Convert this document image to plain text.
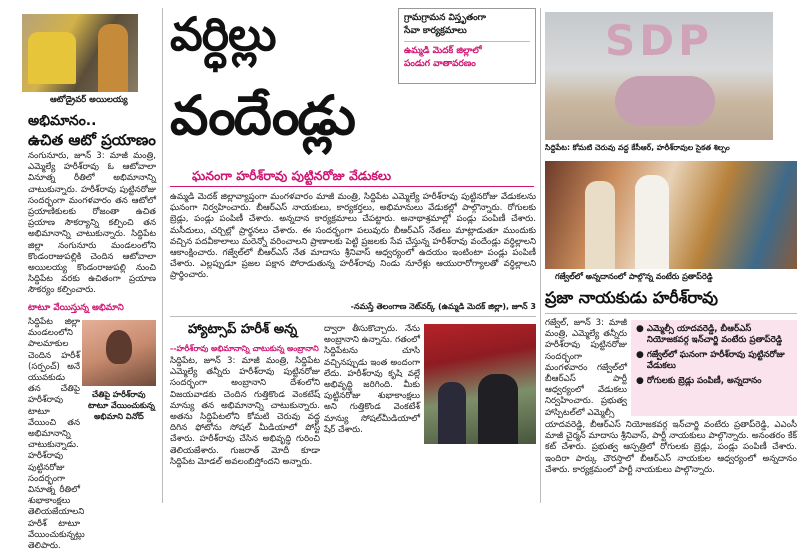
ఆటోడ్రైవర్ అయిలయ్య
అభిమానం..
ఉచిత ఆటో ప్రయాణం
నంగునూరు, జూన్ 3: మాజీ మంత్రి, ఎమ్మెల్యే హరీశ్‌రావు ఓ ఆటోవాలా వినూత్న రీతిలో అభిమానాన్ని చాటుకున్నారు. హరీశ్‌రావు పుట్టినరోజు సందర్భంగా మంగళవారం తన ఆటోలో ప్రయాణికులకు రోజంతా ఉచిత ప్రయాణ సౌకర్యాన్ని కల్పించి తన అభిమానాన్ని చాటుకున్నారు. సిద్దిపేట జిల్లా నంగునూరు మండలంలోని కొండంరాజుపల్లికి చెందిన ఆటోవాలా అయిలయ్య కొండంరాజుపల్లి నుంచి సిద్దిపేట వరకు ఉచితంగా ప్రయాణ సౌకర్యం కల్పించారు.
టాటూ వేయిస్తున్న అభిమాని
సిద్దిపేట జిల్లా మండలంలోని పాలమాకుల చెందిన హరీశ్ (సర్పంచ్) అనే యువకుడు తన చేతిపై హరీశ్‌రావు టాటూ వేయించి తన అభిమానాన్ని చాటుకున్నాడు. హరీశ్‌రావు పుట్టినరోజు సందర్భంగా వినూత్న రీతిలో శుభాకాంక్షలు తెలియజేయాలని హరీశ్ టాటూ వేయించుకున్నట్లు తెలిపారు.
చేతిపై హరీశ్‌రావు
టాటూ వేయించుకున్న
అభిమాని వినోద్
వర్ధిల్లు
వందేండ్లు
గ్రామగ్రామన విస్తృతంగా
సేవా కార్యక్రమాలు
ఉమ్మడి మెదక్ జిల్లాలో
పండుగ వాతావరణం
ఘనంగా హరీశ్‌రావు పుట్టినరోజు వేడుకలు
ఉమ్మడి మెదక్ జిల్లావ్యాప్తంగా మంగళవారం మాజీ మంత్రి, సిద్దిపేట ఎమ్మెల్యే హరీశ్‌రావు పుట్టినరోజు వేడుకలను ఘనంగా నిర్వహించారు. బీఆర్ఎస్ నాయకులు, కార్యకర్తలు, అభిమానులు వేడుకల్లో పాల్గొన్నారు. రోగులకు బ్రెడ్లు, పండ్లు పంపిణీ చేశారు. అన్నదాన కార్యక్రమాలు చేపట్టారు. అనాథాశ్రమాల్లో పండ్లు పంపిణీ చేశారు. మసీదులు, చర్చిల్లో ప్రార్థనలు చేశారు. ఈ సందర్భంగా పలువురు బీఆర్ఎస్ నేతలు మాట్లాడుతూ ముందుకు వచ్చిన పదవీకాలాలు మరెన్నో వరించాలని ప్రాణాలకు పెట్టి ప్రజలకు సేవ చేస్తున్న హరీశ్‌రావు వందేండ్లు వర్ధిల్లాలని ఆకాంక్షించారు. గజ్వేల్‌లో బీఆర్ఎస్ నేత మాదాసు శ్రీనివాస్ ఆధ్వర్యంలో ఉదయం ఇంటింటా పండ్లు పంపిణీ చేశారు. ఎల్లప్పుడూ ప్రజల పక్షాన పోరాడుతున్న హరీశ్‌రావు నిండు నూరేళ్లు ఆయురారోగ్యాలతో వర్ధిల్లాలని ప్రార్థించారు.
-నమస్తే తెలంగాణ నెట్‌వర్క్ (ఉమ్మడి మెదక్ జిల్లా), జూన్ 3
హ్యాట్సాప్ హరీశ్ అన్న
--హరీశ్‌రావు అభిమానాన్ని చాటుకున్న అంబ్రానాని
సిద్దిపేట, జూన్ 3: మాజీ మంత్రి, సిద్దిపేట ఎమ్మెల్యే తన్నీరు హరీశ్‌రావు పుట్టినరోజు సందర్భంగా అంబ్రానాని దేశంలోని విజయవాడకు చెందిన గుత్తికొండ వెంకటేష్ మాన్యు తన అభిమానాన్ని చాటుకున్నారు. అతను సిద్దిపేటలోని కోమటి చెరువు వద్ద దిగిన ఫోటోను సోషల్ మీడియాలో పోస్ట్ చేశారు. హరీశ్‌రావు చేసిన అభివృద్ధి గురించి తెలియజేశారు. గుజరాత్ మోదీ కూడా సిద్దిపేట మోడల్ అవలంబిస్తోందని అన్నారు.
ద్వారా తీసుకొచ్చారు. నేను అంబ్రానాని ఉన్నాను. గతంలో సిద్దిపేటను చూసి వచ్చినప్పుడు ఇంత అందంగా లేదు. హరీశ్‌రావు కృషి వల్లే అభివృద్ధి జరిగింది. మీకు పుట్టినరోజు శుభాకాంక్షలు అని గుత్తికొండ వెంకటేశ్ మాన్యు సోషల్‌మీడియాలో షేర్ చేశారు.
SDP
సిద్దిపేట: కోమటి చెరువు వద్ద కేసీఆర్, హరీశ్‌రావుల సైకత శిల్పం
గజ్వేల్‌లో అన్నదానంలో పాల్గొన్న వంటేరు ప్రతాప్‌రెడ్డి
ప్రజా నాయకుడు హరీశ్‌రావు
గజ్వేల్, జూన్ 3: మాజీ మంత్రి, ఎమ్మెల్యే తన్నీరు హరీశ్‌రావు పుట్టినరోజు సందర్భంగా మంగళవారం గజ్వేల్‌లో బీఆర్ఎస్ పార్టీ ఆధ్వర్యంలో వేడుకలు నిర్వహించారు. ప్రభుత్వ హాస్పిటల్‌లో ఎమ్మెల్సీ
● ఎమ్మెల్సీ యాదవరెడ్డి, బీఆర్ఎస్ నియోజకవర్గ ఇన్‌చార్జి వంటేరు ప్రతాప్‌రెడ్డి
● గజ్వేల్‌లో ఘనంగా హరీశ్‌రావు పుట్టినరోజు వేడుకలు
● రోగులకు బ్రెడ్లు పంపిణీ, అన్నదానం
యాదవరెడ్డి, బీఆర్ఎస్ నియోజకవర్గ ఇన్‌చార్జి వంటేరు ప్రతాప్‌రెడ్డి, ఎఎంసీ మాజీ చైర్మన్ మాదాసు శ్రీనివాస్, పార్టీ నాయకులు పాల్గొన్నారు. అనంతరం కేక్ కట్ చేశారు. ప్రభుత్వ ఆస్పత్రిలో రోగులకు బ్రెడ్లు, పండ్లు పంపిణీ చేశారు. ఇందిరా పార్కు చౌరస్తాలో బీఆర్ఎస్ నాయకుల ఆధ్వర్యంలో అన్నదానం చేశారు. కార్యక్రమంలో పార్టీ నాయకులు పాల్గొన్నారు.
